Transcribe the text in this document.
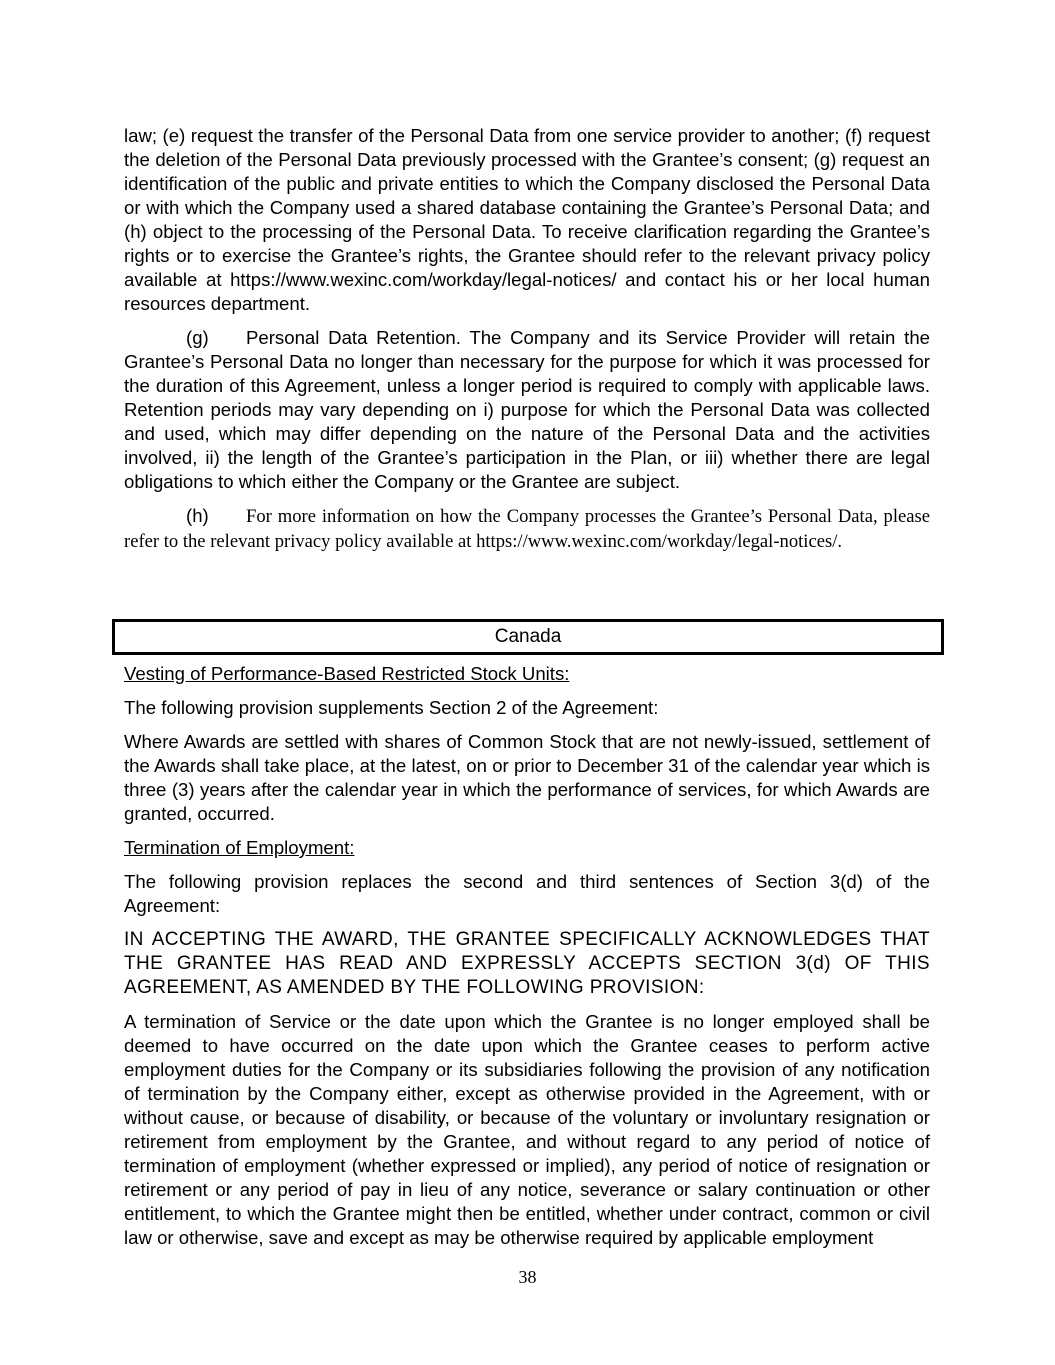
law; (e) request the transfer of the Personal Data from one service provider to another; (f) request the deletion of the Personal Data previously processed with the Grantee’s consent; (g) request an identification of the public and private entities to which the Company disclosed the Personal Data or with which the Company used a shared database containing the Grantee’s Personal Data; and (h) object to the processing of the Personal Data. To receive clarification regarding the Grantee’s rights or to exercise the Grantee’s rights, the Grantee should refer to the relevant privacy policy available at https://www.wexinc.com/workday/legal-notices/ and contact his or her local human resources department.

(g) Personal Data Retention. The Company and its Service Provider will retain the Grantee’s Personal Data no longer than necessary for the purpose for which it was processed for the duration of this Agreement, unless a longer period is required to comply with applicable laws. Retention periods may vary depending on i) purpose for which the Personal Data was collected and used, which may differ depending on the nature of the Personal Data and the activities involved, ii) the length of the Grantee’s participation in the Plan, or iii) whether there are legal obligations to which either the Company or the Grantee are subject.

(h) For more information on how the Company processes the Grantee’s Personal Data, please refer to the relevant privacy policy available at https://www.wexinc.com/workday/legal-notices/.

Canada

Vesting of Performance-Based Restricted Stock Units:

The following provision supplements Section 2 of the Agreement:

Where Awards are settled with shares of Common Stock that are not newly-issued, settlement of the Awards shall take place, at the latest, on or prior to December 31 of the calendar year which is three (3) years after the calendar year in which the performance of services, for which Awards are granted, occurred.

Termination of Employment:

The following provision replaces the second and third sentences of Section 3(d) of the Agreement:

IN ACCEPTING THE AWARD, THE GRANTEE SPECIFICALLY ACKNOWLEDGES THAT THE GRANTEE HAS READ AND EXPRESSLY ACCEPTS SECTION 3(d) OF THIS AGREEMENT, AS AMENDED BY THE FOLLOWING PROVISION:

A termination of Service or the date upon which the Grantee is no longer employed shall be deemed to have occurred on the date upon which the Grantee ceases to perform active employment duties for the Company or its subsidiaries following the provision of any notification of termination by the Company either, except as otherwise provided in the Agreement, with or without cause, or because of disability, or because of the voluntary or involuntary resignation or retirement from employment by the Grantee, and without regard to any period of notice of termination of employment (whether expressed or implied), any period of notice of resignation or retirement or any period of pay in lieu of any notice, severance or salary continuation or other entitlement, to which the Grantee might then be entitled, whether under contract, common or civil law or otherwise, save and except as may be otherwise required by applicable employment

38
